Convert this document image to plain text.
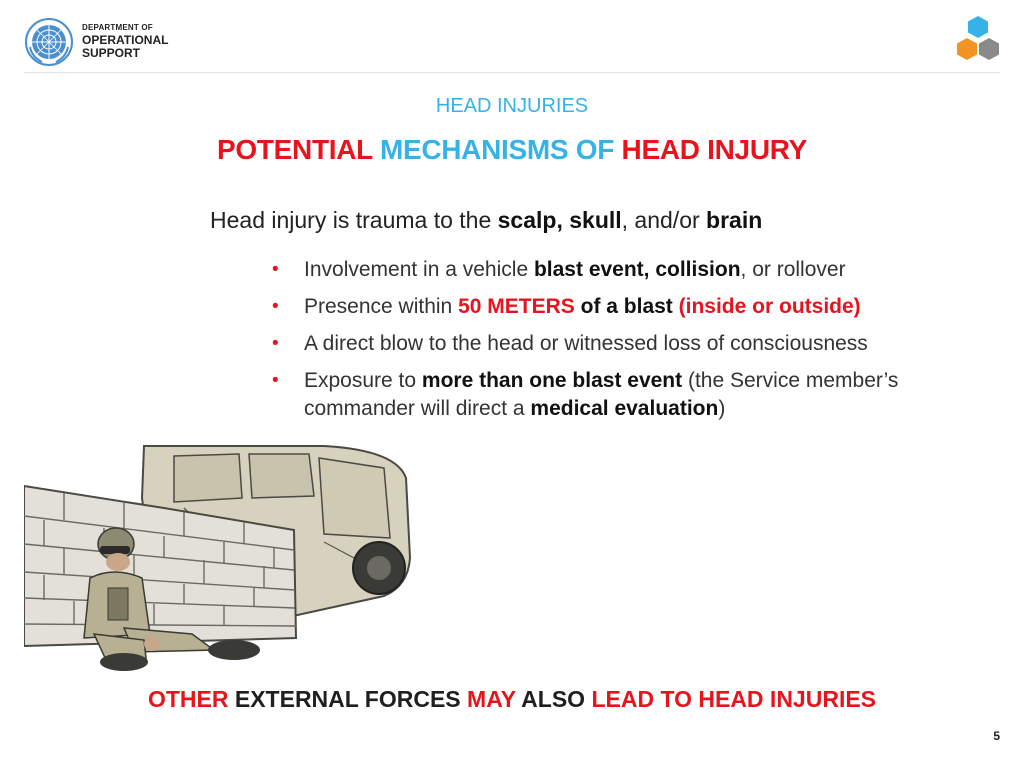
DEPARTMENT OF
OPERATIONAL
SUPPORT
HEAD INJURIES
POTENTIAL MECHANISMS OF HEAD INJURY
Head injury is trauma to the scalp, skull, and/or brain
• Involvement in a vehicle blast event, collision, or rollover
• Presence within 50 METERS of a blast (inside or outside)
• A direct blow to the head or witnessed loss of consciousness
• Exposure to more than one blast event (the Service member’s commander will direct a medical evaluation)
OTHER EXTERNAL FORCES MAY ALSO LEAD TO HEAD INJURIES
5
